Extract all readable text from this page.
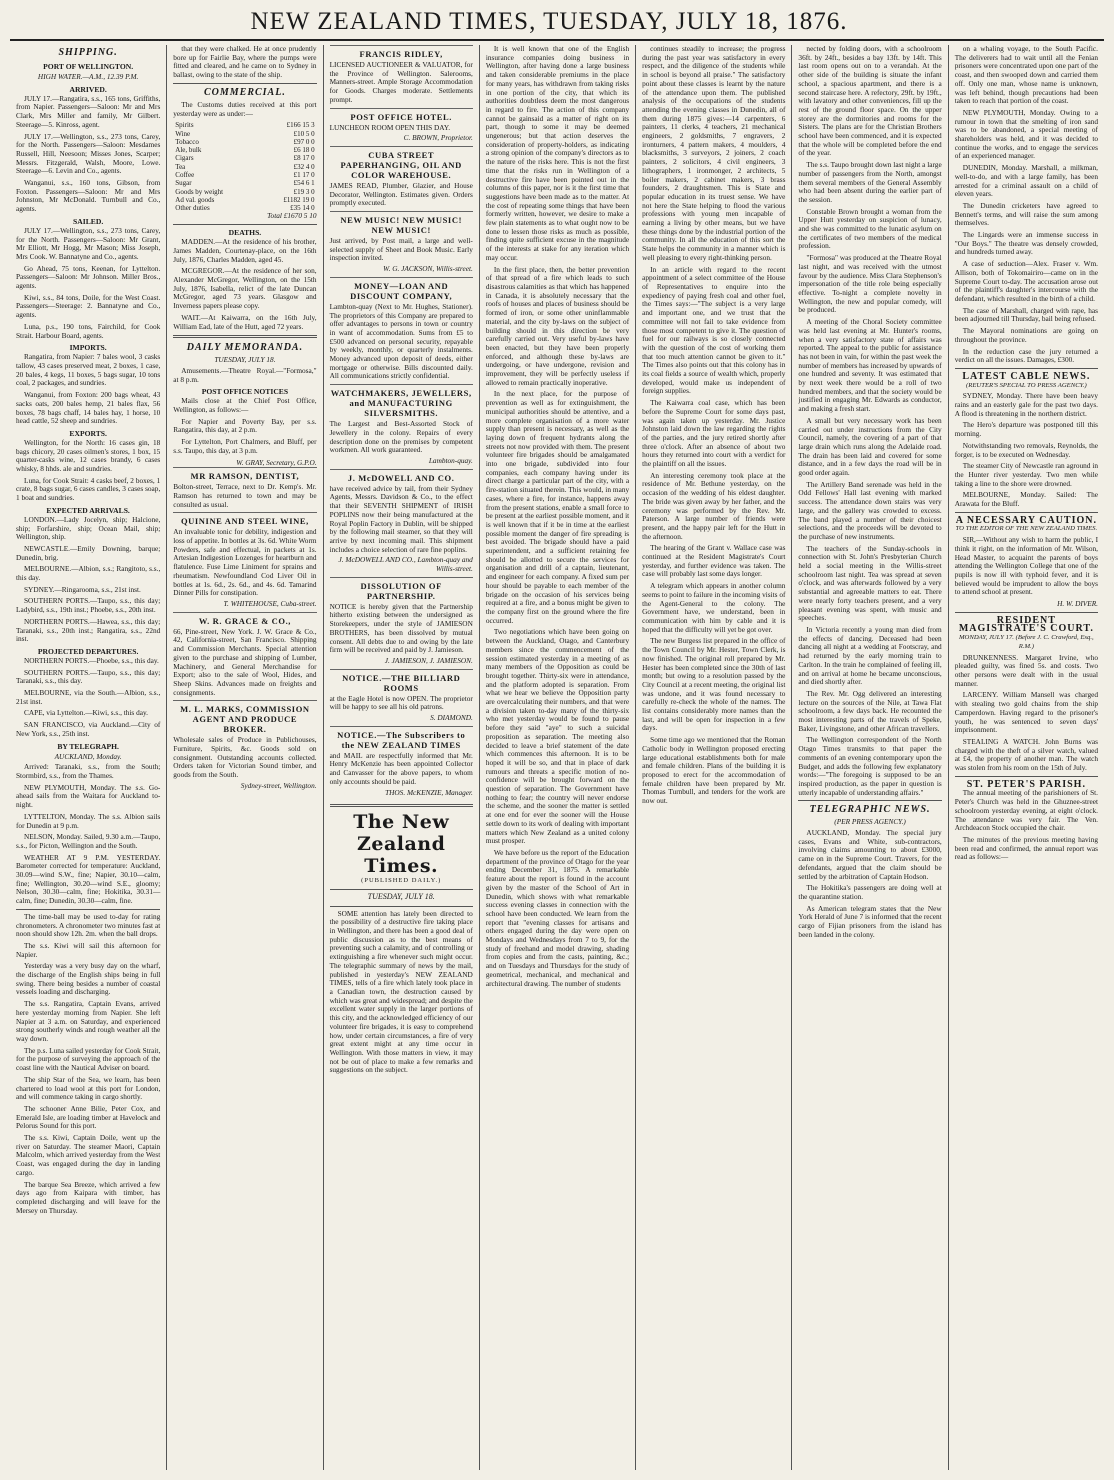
NEW ZEALAND TIMES, TUESDAY, JULY 18, 1876.
SHIPPING.
PORT OF WELLINGTON.
HIGH WATER.—A.M., 12.39 P.M.
ARRIVED.

JULY 17.—Rangatira, s.s., 165 tons, Griffiths, from Napier. Passengers—Saloon: Mr and Mrs Clark, Mrs Miller and family, Mr Gilbert. Steerage—5. Kinross, agent.

JULY 17.—Wellington, s.s., 273 tons, Carey, for the North. Passengers—Saloon: Mesdames Russell, Hill, Neesoon; Misses Jones, Scarper; Messrs. Fitzgerald, Walsh, Moore, Lowe. Steerage—6. Levin and Co., agents.

Wanganui, s.s., 160 tons, Gibson, from Foxton. Passengers—Saloon: Mr and Mrs Johnston, Mr McDonald. Turnbull and Co., agents.

SAILED.

JULY 17.—Wellington, s.s., 273 tons, Carey, for the North. Passengers—Saloon: Mr Grant, Mr Elliott, Mr Hogg, Mr Mason; Miss Joseph, Mrs Cook. W. Bannatyne and Co., agents.

Go Ahead, 75 tons, Keenan, for Lyttelton. Passengers—Saloon: Mr Johnson. Miller Bros., agents.

Kiwi, s.s., 84 tons, Doile, for the West Coast. Passengers—Steerage: 2. Bannatyne and Co., agents.

Luna, p.s., 190 tons, Fairchild, for Cook Strait. Harbour Board, agents.

IMPORTS.

Rangatira, from Napier: 7 bales wool, 3 casks tallow, 43 cases preserved meat, 2 boxes, 1 case, 20 bales, 4 kegs, 11 boxes, 5 bags sugar, 10 tons coal, 2 packages, and sundries.

Wanganui, from Foxton: 200 bags wheat, 43 sacks oats, 200 bales hemp, 21 bales flax, 56 boxes, 78 bags chaff, 14 bales hay, 1 horse, 10 head cattle, 52 sheep and sundries.

EXPORTS.

Wellington, for the North: 16 cases gin, 18 bags chicory, 20 cases oilmen's stores, 1 box, 15 quarter-casks wine, 12 cases brandy, 6 cases whisky, 8 hhds. ale and sundries.

Luna, for Cook Strait: 4 casks beef, 2 boxes, 1 crate, 8 bags sugar, 6 cases candles, 3 cases soap, 1 boat and sundries.

EXPECTED ARRIVALS.

LONDON.—Lady Jocelyn, ship; Halcione, ship; Forfarshire, ship; Ocean Mail, ship; Wellington, ship.

NEWCASTLE.—Emily Downing, barque; Dunedin, brig.

MELBOURNE.—Albion, s.s.; Rangitoto, s.s., this day.

SYDNEY.—Ringarooma, s.s., 21st inst.

SOUTHERN PORTS.—Taupo, s.s., this day; Ladybird, s.s., 19th inst.; Phoebe, s.s., 20th inst.

NORTHERN PORTS.—Hawea, s.s., this day; Taranaki, s.s., 20th inst.; Rangatira, s.s., 22nd inst.

PROJECTED DEPARTURES.

NORTHERN PORTS.—Phoebe, s.s., this day.

SOUTHERN PORTS.—Taupo, s.s., this day; Taranaki, s.s., this day.

MELBOURNE, via the South.—Albion, s.s., 21st inst.

CAPE, via Lyttelton.—Kiwi, s.s., this day.

SAN FRANCISCO, via Auckland.—City of New York, s.s., 25th inst.

BY TELEGRAPH.
AUCKLAND, Monday.

Arrived: Taranaki, s.s., from the South; Stormbird, s.s., from the Thames.

NEW PLYMOUTH, Monday. The s.s. Go-ahead sails from the Waitara for Auckland to-night.

LYTTELTON, Monday. The s.s. Albion sails for Dunedin at 9 p.m.

NELSON, Monday. Sailed, 9.30 a.m.—Taupo, s.s., for Picton, Wellington and the South.

WEATHER AT 9 P.M. YESTERDAY. Barometer corrected for temperature: Auckland, 30.09—wind S.W., fine; Napier, 30.10—calm, fine; Wellington, 30.20—wind S.E., gloomy; Nelson, 30.30—calm, fine; Hokitika, 30.31—calm, fine; Dunedin, 30.30—calm, fine.

The time-ball may be used to-day for rating chronometers. A chronometer two minutes fast at noon should show 12h. 2m. when the ball drops.

The s.s. Kiwi will sail this afternoon for Napier.

Yesterday was a very busy day on the wharf, the discharge of the English ships being in full swing. There being besides a number of coastal vessels loading and discharging.

The s.s. Rangatira, Captain Evans, arrived here yesterday morning from Napier. She left Napier at 3 a.m. on Saturday, and experienced strong southerly winds and rough weather all the way down.

The p.s. Luna sailed yesterday for Cook Strait, for the purpose of surveying the approach of the coast line with the Nautical Adviser on board.

The ship Star of the Sea, we learn, has been chartered to load wool at this port for London, and will commence taking in cargo shortly.

The schooner Anne Bilie, Peter Cox, and Emerald Isle, are loading timber at Havelock and Pelorus Sound for this port.

The s.s. Kiwi, Captain Doile, went up the river on Saturday. The steamer Maori, Captain Malcolm, which arrived yesterday from the West Coast, was engaged during the day in landing cargo.

The barque Sea Breeze, which arrived a few days ago from Kaipara with timber, has completed discharging and will leave for the Mersey on Thursday.

that they were chalked. He at once prudently bore up for Fairlie Bay, where the pumps were fitted and cleared, and he came on to Sydney in ballast, owing to the state of the ship.

COMMERCIAL.

The Customs duties received at this port yesterday were as under:—

Spirits	£166 15 3
Wine	£10 5 0
Tobacco	£97 0 0
Ale, bulk	£6 18 0
Cigars	£8 17 0
Tea	£32 4 0
Coffee	£1 17 0
Sugar	£54 6 1
Goods by weight	£19 3 0
Ad val. goods	£1182 19 0
Other duties	£35 14 0
Total £1670 5 10
DEATHS.

MADDEN.—At the residence of his brother, James Madden, Courtenay-place, on the 16th July, 1876, Charles Madden, aged 45.

MCGREGOR.—At the residence of her son, Alexander McGregor, Wellington, on the 15th July, 1876, Isabella, relict of the late Duncan McGregor, aged 73 years. Glasgow and Inverness papers please copy.

WAIT.—At Kaiwarra, on the 16th July, William Ead, late of the Hutt, aged 72 years.

DAILY MEMORANDA.
TUESDAY, JULY 18.

Amusements.—Theatre Royal.—"Formosa," at 8 p.m.

POST OFFICE NOTICES

Mails close at the Chief Post Office, Wellington, as follows:—

For Napier and Poverty Bay, per s.s. Rangatira, this day, at 2 p.m.

For Lyttelton, Port Chalmers, and Bluff, per s.s. Taupo, this day, at 3 p.m.

W. GRAY, Secretary, G.P.O.
MR RAMSON, DENTIST,
Bolton-street, Terrace, next to Dr. Kemp's. Mr. Ramson has returned to town and may be consulted as usual.
QUININE AND STEEL WINE,
An invaluable tonic for debility, indigestion and loss of appetite. In bottles at 3s. 6d. White Worm Powders, safe and effectual, in packets at 1s. Artesian Indigestion Lozenges for heartburn and flatulence. Fuse Lime Liniment for sprains and rheumatism. Newfoundland Cod Liver Oil in bottles at 1s. 6d., 2s. 6d., and 4s. 6d. Tamarind Dinner Pills for constipation.
T. WHITEHOUSE, Cuba-street.
W. R. GRACE & CO.,
66, Pine-street, New York. J. W. Grace & Co., 42, California-street, San Francisco. Shipping and Commission Merchants. Special attention given to the purchase and shipping of Lumber, Machinery, and General Merchandise for Export; also to the sale of Wool, Hides, and Sheep Skins. Advances made on freights and consignments.
M. L. MARKS, COMMISSION AGENT AND PRODUCE BROKER.
Wholesale sales of Produce in Publichouses, Furniture, Spirits, &c. Goods sold on consignment. Outstanding accounts collected. Orders taken for Victorian Sound timber, and goods from the South.
Sydney-street, Wellington.
FRANCIS RIDLEY,
LICENSED AUCTIONEER & VALUATOR, for the Province of Wellington. Salerooms, Manners-street. Ample Storage Accommodation for Goods. Charges moderate. Settlements prompt.
POST OFFICE HOTEL.
LUNCHEON ROOM OPEN THIS DAY.
C. BROWN, Proprietor.
CUBA STREET PAPERHANGING, OIL AND COLOR WAREHOUSE.
JAMES READ, Plumber, Glazier, and House Decorator, Wellington. Estimates given. Orders promptly executed.
NEW MUSIC! NEW MUSIC! NEW MUSIC!
Just arrived, by Post mail, a large and well-selected supply of Sheet and Book Music. Early inspection invited.
W. G. JACKSON, Willis-street.
MONEY—LOAN AND DISCOUNT COMPANY,
Lambton-quay (Next to Mr. Hughes, Stationer). The proprietors of this Company are prepared to offer advantages to persons in town or country in want of accommodation. Sums from £5 to £500 advanced on personal security, repayable by weekly, monthly, or quarterly instalments. Money advanced upon deposit of deeds, either mortgage or otherwise. Bills discounted daily. All communications strictly confidential.
WATCHMAKERS, JEWELLERS, and MANUFACTURING SILVERSMITHS.
The Largest and Best-Assorted Stock of Jewellery in the colony. Repairs of every description done on the premises by competent workmen. All work guaranteed.
Lambton-quay.
J. McDOWELL AND CO.
have received advice by tail, from their Sydney Agents, Messrs. Davidson & Co., to the effect that their SEVENTH SHIPMENT of IRISH POPLINS now their being manufactured at the Royal Poplin Factory in Dublin, will be shipped by the following mail steamer, so that they will arrive by next incoming mail. This shipment includes a choice selection of rare fine poplins.
J. McDOWELL AND CO., Lambton-quay and Willis-street.
DISSOLUTION OF PARTNERSHIP.
NOTICE is hereby given that the Partnership hitherto existing between the undersigned as Storekeepers, under the style of JAMIESON BROTHERS, has been dissolved by mutual consent. All debts due to and owing by the late firm will be received and paid by J. Jamieson.
J. JAMIESON, J. JAMIESON.
NOTICE.—THE BILLIARD ROOMS
at the Eagle Hotel is now OPEN. The proprietor will be happy to see all his old patrons.
S. DIAMOND.
NOTICE.—The Subscribers to the NEW ZEALAND TIMES
and MAIL are respectfully informed that Mr. Henry McKenzie has been appointed Collector and Canvasser for the above papers, to whom only accounts should be paid.
THOS. McKENZIE, Manager.
The New Zealand Times.
(PUBLISHED DAILY.)
TUESDAY, JULY 18.

SOME attention has lately been directed to the possibility of a destructive fire taking place in Wellington, and there has been a good deal of public discussion as to the best means of preventing such a calamity, and of controlling or extinguishing a fire whenever such might occur. The telegraphic summary of news by the mail, published in yesterday's NEW ZEALAND TIMES, tells of a fire which lately took place in a Canadian town, the destruction caused by which was great and widespread; and despite the excellent water supply in the larger portions of this city, and the acknowledged efficiency of our volunteer fire brigades, it is easy to comprehend how, under certain circumstances, a fire of very great extent might at any time occur in Wellington. With those matters in view, it may not be out of place to make a few remarks and suggestions on the subject.

It is well known that one of the English insurance companies doing business in Wellington, after having done a large business and taken considerable premiums in the place for many years, has withdrawn from taking risks in one portion of the city, that which its authorities doubtless deem the most dangerous in regard to fire. The action of this company cannot be gainsaid as a matter of right on its part, though to some it may be deemed ungenerous; but that action deserves the consideration of property-holders, as indicating a strong opinion of the company's directors as to the nature of the risks here. This is not the first time that the risks run in Wellington of a destructive fire have been pointed out in the columns of this paper, nor is it the first time that suggestions have been made as to the matter. At the cost of repeating some things that have been formerly written, however, we desire to make a few plain statements as to what ought now to be done to lessen those risks as much as possible, finding quite sufficient excuse in the magnitude of the interests at stake for any iteration which may occur.

In the first place, then, the better prevention of that spread of a fire which leads to such disastrous calamities as that which has happened in Canada, it is absolutely necessary that the roofs of houses and places of business should be formed of iron, or some other uninflammable material, and the city by-laws on the subject of building should in this direction be very carefully carried out. Very useful by-laws have been enacted, but they have been properly enforced, and although these by-laws are undergoing, or have undergone, revision and improvement, they will be perfectly useless if allowed to remain practically inoperative.

In the next place, for the purpose of prevention as well as for extinguishment, the municipal authorities should be attentive, and a more complete organisation of a more water supply than present is necessary, as well as the laying down of frequent hydrants along the streets not now provided with them. The present volunteer fire brigades should be amalgamated into one brigade, subdivided into four companies, each company having under its direct charge a particular part of the city, with a fire-station situated therein. This would, in many cases, where a fire, for instance, happens away from the present stations, enable a small force to be present at the earliest possible moment, and it is well known that if it be in time at the earliest possible moment the danger of fire spreading is best avoided. The brigade should have a paid superintendent, and a sufficient retaining fee should be allotted to secure the services for organisation and drill of a captain, lieutenant, and engineer for each company. A fixed sum per hour should be payable to each member of the brigade on the occasion of his services being required at a fire, and a bonus might be given to the company first on the ground where the fire occurred.

Two negotiations which have been going on between the Auckland, Otago, and Canterbury members since the commencement of the session estimated yesterday in a meeting of as many members of the Opposition as could be brought together. Thirty-six were in attendance, and the platform adopted is separation. From what we hear we believe the Opposition party are overcalculating their numbers, and that were a division taken to-day many of the thirty-six who met yesterday would be found to pause before they said "aye" to such a suicidal proposition as separation. The meeting also decided to leave a brief statement of the date which commences this afternoon. It is to be hoped it will be so, and that in place of dark rumours and threats a specific motion of no-confidence will be brought forward on the question of separation. The Government have nothing to fear; the country will never endorse the scheme, and the sooner the matter is settled at one end for ever the sooner will the House settle down to its work of dealing with important matters which New Zealand as a united colony must prosper.

We have before us the report of the Education department of the province of Otago for the year ending December 31, 1875. A remarkable feature about the report is found in the account given by the master of the School of Art in Dunedin, which shows with what remarkable success evening classes in connection with the school have been conducted. We learn from the report that "evening classes for artisans and others engaged during the day were open on Mondays and Wednesdays from 7 to 9, for the study of freehand and model drawing, shading from copies and from the casts, painting, &c.; and on Tuesdays and Thursdays for the study of geometrical, mechanical, and mechanical and architectural drawing. The number of students

continues steadily to increase; the progress during the past year was satisfactory in every respect, and the diligence of the students while in school is beyond all praise." The satisfactory point about these classes is learnt by the nature of the attendance upon them. The published analysis of the occupations of the students attending the evening classes in Dunedin, all of them during 1875 gives:—14 carpenters, 6 painters, 11 clerks, 4 teachers, 21 mechanical engineers, 2 goldsmiths, 7 engravers, 2 ironturners, 4 pattern makers, 4 moulders, 4 blacksmiths, 3 surveyors, 2 joiners, 2 coach painters, 2 solicitors, 4 civil engineers, 3 lithographers, 1 ironmonger, 2 architects, 5 boiler makers, 2 cabinet makers, 3 brass founders, 2 draughtsmen. This is State and popular education in its truest sense. We have not here the State helping to flood the various professions with young men incapable of earning a living by other means, but we have these things done by the industrial portion of the community. In all the education of this sort the State helps the community in a manner which is well pleasing to every right-thinking person.

In an article with regard to the recent appointment of a select committee of the House of Representatives to enquire into the expediency of paying fresh coal and other fuel, the Times says:—"The subject is a very large and important one, and we trust that the committee will not fail to take evidence from those most competent to give it. The question of fuel for our railways is so closely connected with the question of the cost of working them that too much attention cannot be given to it." The Times also points out that this colony has in its coal fields a source of wealth which, properly developed, would make us independent of foreign supplies.

The Kaiwarra coal case, which has been before the Supreme Court for some days past, was again taken up yesterday. Mr. Justice Johnston laid down the law regarding the rights of the parties, and the jury retired shortly after three o'clock. After an absence of about two hours they returned into court with a verdict for the plaintiff on all the issues.

An interesting ceremony took place at the residence of Mr. Bethune yesterday, on the occasion of the wedding of his eldest daughter. The bride was given away by her father, and the ceremony was performed by the Rev. Mr. Paterson. A large number of friends were present, and the happy pair left for the Hutt in the afternoon.

The hearing of the Grant v. Wallace case was continued at the Resident Magistrate's Court yesterday, and further evidence was taken. The case will probably last some days longer.

A telegram which appears in another column seems to point to failure in the incoming visits of the Agent-General to the colony. The Government have, we understand, been in communication with him by cable and it is hoped that the difficulty will yet be got over.

The new Burgess list prepared in the office of the Town Council by Mr. Hester, Town Clerk, is now finished. The original roll prepared by Mr. Hester has been completed since the 30th of last month; but owing to a resolution passed by the City Council at a recent meeting, the original list was undone, and it was found necessary to carefully re-check the whole of the names. The list contains considerably more names than the last, and will be open for inspection in a few days.

Some time ago we mentioned that the Roman Catholic body in Wellington proposed erecting large educational establishments both for male and female children. Plans of the building it is proposed to erect for the accommodation of female children have been prepared by Mr. Thomas Turnbull, and tenders for the work are now out.

nected by folding doors, with a schoolroom 36ft. by 24ft., besides a bay 13ft. by 14ft. This last room opens out on to a verandah. At the other side of the building is situate the infant school, a spacious apartment, and there is a second staircase here. A refectory, 29ft. by 19ft., with lavatory and other conveniences, fill up the rest of the ground floor space. On the upper storey are the dormitories and rooms for the Sisters. The plans are for the Christian Brothers school have been commenced, and it is expected that the whole will be completed before the end of the year.

The s.s. Taupo brought down last night a large number of passengers from the North, amongst them several members of the General Assembly who had been absent during the earlier part of the session.

Constable Brown brought a woman from the Upper Hutt yesterday on suspicion of lunacy, and she was committed to the lunatic asylum on the certificates of two members of the medical profession.

"Formosa" was produced at the Theatre Royal last night, and was received with the utmost favour by the audience. Miss Clara Stephenson's impersonation of the title role being especially effective. To-night a complete novelty in Wellington, the new and popular comedy, will be produced.

A meeting of the Choral Society committee was held last evening at Mr. Hunter's rooms, when a very satisfactory state of affairs was reported. The appeal to the public for assistance has not been in vain, for within the past week the number of members has increased by upwards of one hundred and seventy. It was estimated that by next week there would be a roll of two hundred members, and that the society would be justified in engaging Mr. Edwards as conductor, and making a fresh start.

A small but very necessary work has been carried out under instructions from the City Council, namely, the covering of a part of that large drain which runs along the Adelaide road. The drain has been laid and covered for some distance, and in a few days the road will be in good order again.

The Artillery Band serenade was held in the Odd Fellows' Hall last evening with marked success. The attendance down stairs was very large, and the gallery was crowded to excess. The band played a number of their choicest selections, and the proceeds will be devoted to the purchase of new instruments.

The teachers of the Sunday-schools in connection with St. John's Presbyterian Church held a social meeting in the Willis-street schoolroom last night. Tea was spread at seven o'clock, and was afterwards followed by a very substantial and agreeable matters to eat. There were nearly forty teachers present, and a very pleasant evening was spent, with music and speeches.

In Victoria recently a young man died from the effects of dancing. Deceased had been dancing all night at a wedding at Footscray, and had returned by the early morning train to Carlton. In the train he complained of feeling ill, and on arrival at home he became unconscious, and died shortly after.

The Rev. Mr. Ogg delivered an interesting lecture on the sources of the Nile, at Tawa Flat schoolroom, a few days back. He recounted the most interesting parts of the travels of Speke, Baker, Livingstone, and other African travellers.

The Wellington correspondent of the North Otago Times transmits to that paper the comments of an evening contemporary upon the Budget, and adds the following few explanatory words:—"The foregoing is supposed to be an inspired production, as the paper in question is utterly incapable of understanding affairs."

TELEGRAPHIC NEWS.
(PER PRESS AGENCY.)

AUCKLAND, Monday. The special jury cases, Evans and White, sub-contractors, involving claims amounting to about £3000, came on in the Supreme Court. Travers, for the defendants, argued that the claim should be settled by the arbitration of Captain Hodson.

The Hokitika's passengers are doing well at the quarantine station.

As American telegram states that the New York Herald of June 7 is informed that the recent cargo of Fijian prisoners from the island has been landed in the colony.

on a whaling voyage, to the South Pacific. The deliverers had to wait until all the Fenian prisoners were concentrated upon one part of the coast, and then swooped down and carried them off. Only one man, whose name is unknown, was left behind, though precautions had been taken to reach that portion of the coast.

NEW PLYMOUTH, Monday. Owing to a rumour in town that the smelting of iron sand was to be abandoned, a special meeting of shareholders was held, and it was decided to continue the works, and to engage the services of an experienced manager.

DUNEDIN, Monday. Marshall, a milkman, well-to-do, and with a large family, has been arrested for a criminal assault on a child of eleven years.

The Dunedin cricketers have agreed to Bennett's terms, and will raise the sum among themselves.

The Lingards were an immense success in "Our Boys." The theatre was densely crowded, and hundreds turned away.

A case of seduction—Alex. Fraser v. Wm. Allison, both of Tokomairiro—came on in the Supreme Court to-day. The accusation arose out of the plaintiff's daughter's intercourse with the defendant, which resulted in the birth of a child.

The case of Marshall, charged with rape, has been adjourned till Thursday, bail being refused.

The Mayoral nominations are going on throughout the province.

In the reduction case the jury returned a verdict on all the issues. Damages, £300.

LATEST CABLE NEWS.
(REUTER'S SPECIAL TO PRESS AGENCY.)

SYDNEY, Monday. There have been heavy rains and an easterly gale for the past two days. A flood is threatening in the northern district.

The Hero's departure was postponed till this morning.

Notwithstanding two removals, Reynolds, the forger, is to be executed on Wednesday.

The steamer City of Newcastle ran aground in the Hunter river yesterday. Two men while taking a line to the shore were drowned.

MELBOURNE, Monday. Sailed: The Arawata for the Bluff.

A NECESSARY CAUTION.
TO THE EDITOR OF THE NEW ZEALAND TIMES.

SIR,—Without any wish to harm the public, I think it right, on the information of Mr. Wilson, Head Master, to acquaint the parents of boys attending the Wellington College that one of the pupils is now ill with typhoid fever, and it is believed would be imprudent to allow the boys to attend school at present.

H. W. DIVER.
RESIDENT MAGISTRATE'S COURT.
MONDAY, JULY 17. (Before J. C. Crawford, Esq., R.M.)

DRUNKENNESS. Margaret Irvine, who pleaded guilty, was fined 5s. and costs. Two other persons were dealt with in the usual manner.

LARCENY. William Mansell was charged with stealing two gold chains from the ship Camperdown. Having regard to the prisoner's youth, he was sentenced to seven days' imprisonment.

STEALING A WATCH. John Burns was charged with the theft of a silver watch, valued at £4, the property of another man. The watch was stolen from his room on the 15th of July.

ST. PETER'S PARISH.

The annual meeting of the parishioners of St. Peter's Church was held in the Ghuznee-street schoolroom yesterday evening, at eight o'clock. The attendance was very fair. The Ven. Archdeacon Stock occupied the chair.

The minutes of the previous meeting having been read and confirmed, the annual report was read as follows:—
